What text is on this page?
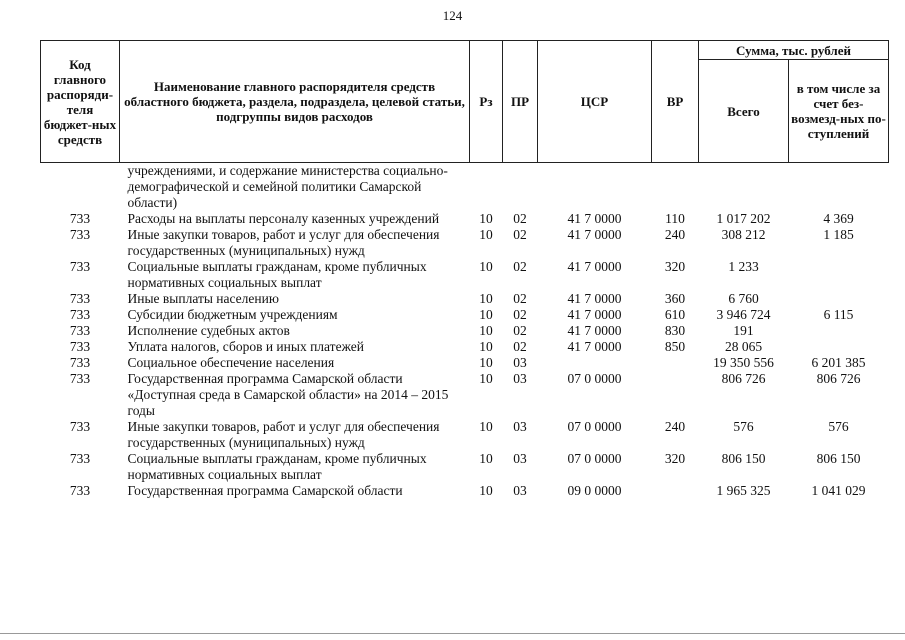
124
Код главного распоряди-теля бюджет-ных средств	Наименование главного распорядителя средств областного бюджета, раздела, подраздела, целевой статьи, подгруппы видов расходов	Рз	ПР	ЦСР	ВР	Сумма, тыс. рублей	
						Всего	в том числе за счет без-возмезд-ных по-ступлений
	учреждениями, и содержание министерства социально-демографической и семейной политики Самарской области)						
733	Расходы на выплаты персоналу казенных учреждений	10	02	41 7 0000	110	1 017 202	4 369
733	Иные закупки товаров, работ и услуг для обеспечения государственных (муниципальных) нужд	10	02	41 7 0000	240	308 212	1 185
733	Социальные выплаты гражданам, кроме публичных нормативных социальных выплат	10	02	41 7 0000	320	1 233	
733	Иные выплаты населению	10	02	41 7 0000	360	6 760	
733	Субсидии бюджетным учреждениям	10	02	41 7 0000	610	3 946 724	6 115
733	Исполнение судебных актов	10	02	41 7 0000	830	191	
733	Уплата налогов, сборов и иных платежей	10	02	41 7 0000	850	28 065	
733	Социальное обеспечение населения	10	03			19 350 556	6 201 385
733	Государственная программа Самарской области «Доступная среда в Самарской области» на 2014 – 2015 годы	10	03	07 0 0000		806 726	806 726
733	Иные закупки товаров, работ и услуг для обеспечения государственных (муниципальных) нужд	10	03	07 0 0000	240	576	576
733	Социальные выплаты гражданам, кроме публичных нормативных социальных выплат	10	03	07 0 0000	320	806 150	806 150
733	Государственная программа Самарской области	10	03	09 0 0000		1 965 325	1 041 029
